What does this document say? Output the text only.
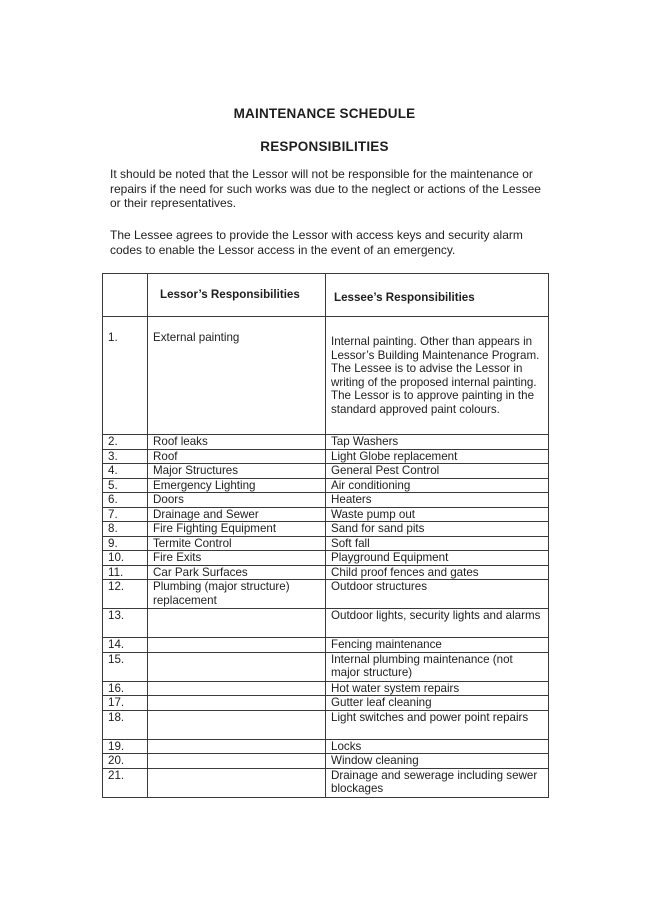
MAINTENANCE SCHEDULE
RESPONSIBILITIES

It should be noted that the Lessor will not be responsible for the maintenance or repairs if the need for such works was due to the neglect or actions of the Lessee or their representatives.

The Lessee agrees to provide the Lessor with access keys and security alarm codes to enable the Lessor access in the event of an emergency.

	Lessor’s Responsibilities	Lessee’s Responsibilities
1.	External painting	Internal painting. Other than appears in Lessor’s Building Maintenance Program. The Lessee is to advise the Lessor in writing of the proposed internal painting. The Lessor is to approve painting in the standard approved paint colours.
2.	Roof leaks	Tap Washers
3.	Roof	Light Globe replacement
4.	Major Structures	General Pest Control
5.	Emergency Lighting	Air conditioning
6.	Doors	Heaters
7.	Drainage and Sewer	Waste pump out
8.	Fire Fighting Equipment	Sand for sand pits
9.	Termite Control	Soft fall
10.	Fire Exits	Playground Equipment
11.	Car Park Surfaces	Child proof fences and gates
12.	Plumbing (major structure) replacement	Outdoor structures
13.		Outdoor lights, security lights and alarms
14.		Fencing maintenance
15.		Internal plumbing maintenance (not major structure)
16.		Hot water system repairs
17.		Gutter leaf cleaning
18.		Light switches and power point repairs
19.		Locks
20.		Window cleaning
21.		Drainage and sewerage including sewer blockages
